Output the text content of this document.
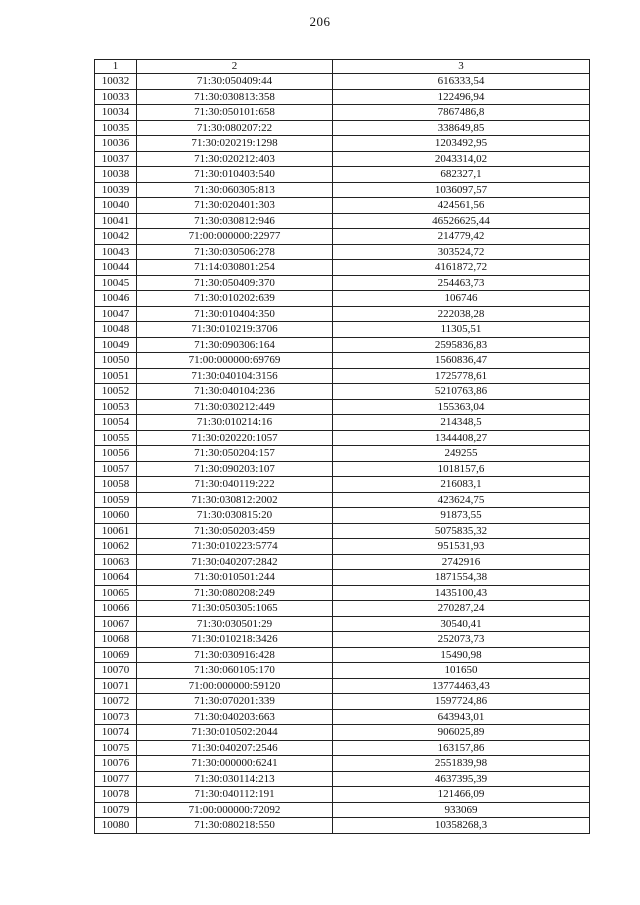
206
1	2	3
10032	71:30:050409:44	616333,54
10033	71:30:030813:358	122496,94
10034	71:30:050101:658	7867486,8
10035	71:30:080207:22	338649,85
10036	71:30:020219:1298	1203492,95
10037	71:30:020212:403	2043314,02
10038	71:30:010403:540	682327,1
10039	71:30:060305:813	1036097,57
10040	71:30:020401:303	424561,56
10041	71:30:030812:946	46526625,44
10042	71:00:000000:22977	214779,42
10043	71:30:030506:278	303524,72
10044	71:14:030801:254	4161872,72
10045	71:30:050409:370	254463,73
10046	71:30:010202:639	106746
10047	71:30:010404:350	222038,28
10048	71:30:010219:3706	11305,51
10049	71:30:090306:164	2595836,83
10050	71:00:000000:69769	1560836,47
10051	71:30:040104:3156	1725778,61
10052	71:30:040104:236	5210763,86
10053	71:30:030212:449	155363,04
10054	71:30:010214:16	214348,5
10055	71:30:020220:1057	1344408,27
10056	71:30:050204:157	249255
10057	71:30:090203:107	1018157,6
10058	71:30:040119:222	216083,1
10059	71:30:030812:2002	423624,75
10060	71:30:030815:20	91873,55
10061	71:30:050203:459	5075835,32
10062	71:30:010223:5774	951531,93
10063	71:30:040207:2842	2742916
10064	71:30:010501:244	1871554,38
10065	71:30:080208:249	1435100,43
10066	71:30:050305:1065	270287,24
10067	71:30:030501:29	30540,41
10068	71:30:010218:3426	252073,73
10069	71:30:030916:428	15490,98
10070	71:30:060105:170	101650
10071	71:00:000000:59120	13774463,43
10072	71:30:070201:339	1597724,86
10073	71:30:040203:663	643943,01
10074	71:30:010502:2044	906025,89
10075	71:30:040207:2546	163157,86
10076	71:30:000000:6241	2551839,98
10077	71:30:030114:213	4637395,39
10078	71:30:040112:191	121466,09
10079	71:00:000000:72092	933069
10080	71:30:080218:550	10358268,3
